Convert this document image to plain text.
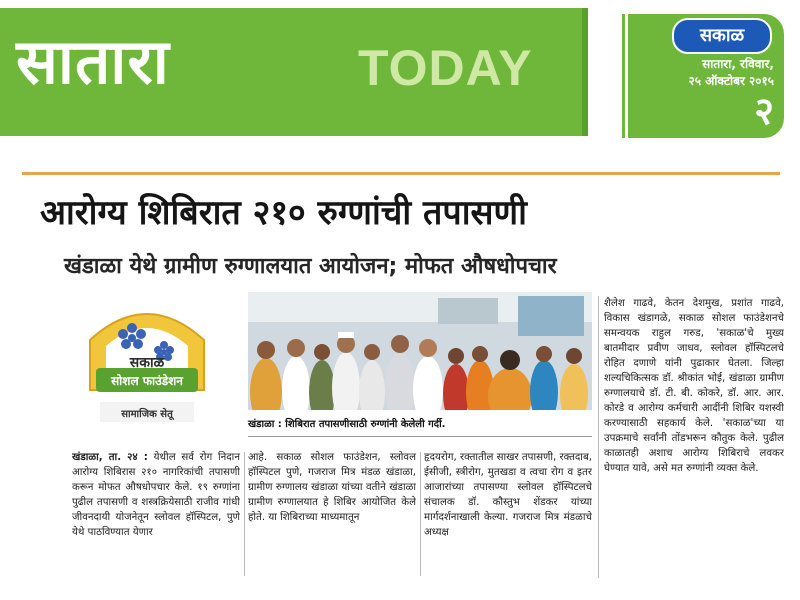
सातारा	TODAY
सकाळ
सातारा, रविवार,
२५ ऑक्टोबर २०१५
२
आरोग्य शिबिरात २१० रुग्णांची तपासणी
खंडाळा येथे ग्रामीण रुग्णालयात आयोजन; मोफत औषधोपचार
सकाळ
सोशल फाउंडेशन
सामाजिक सेतू
खंडाळा : शिबिरात तपासणीसाठी रुग्णांनी केलेली गर्दी.

शैलेश गाढवे, केतन देशमुख, प्रशांत गाढवे, विकास खंडागळे, सकाळ सोशल फाउंडेशनचे समन्वयक राहुल गरुड, 'सकाळ'चे मुख्य बातमीदार प्रवीण जाधव, स्लोवल हॉस्पिटलचे रोहित दणाणे यांनी पुढाकार घेतला. जिल्हा शल्यचिकित्सक डॉ. श्रीकांत भोई, खंडाळा ग्रामीण रुग्णालयाचे डॉ. टी. बी. कोकरे, डॉ. आर. आर. कोरडे व आरोग्य कर्मचारी आदींनी शिबिर यशस्वी करण्यासाठी सहकार्य केले. 'सकाळ'च्या या उपक्रमाचे सर्वांनी तोंडभरून कौतुक केले. पुढील काळातही अशाच आरोग्य शिबिराचे लवकर घेण्यात यावे, असे मत रुग्णांनी व्यक्त केले.

खंडाळा, ता. २४ : येथील सर्व रोग निदान आरोग्य शिबिरास २१० नागरिकांची तपासणी करून मोफत औषधोपचार केले. १९ रुग्णांना पुढील तपासणी व शस्त्रक्रियेसाठी राजीव गांधी जीवनदायी योजनेतून स्लोवल हॉस्पिटल, पुणे येथे पाठविण्यात येणार

आहे. सकाळ सोशल फाउंडेशन, स्लोवल हॉस्पिटल पुणे, गजराज मित्र मंडळ खंडाळा, ग्रामीण रुग्णालय खंडाळा यांच्या वतीने खंडाळा ग्रामीण रुग्णालयात हे शिबिर आयोजित केले होते. या शिबिराच्या माध्यमातून

हृदयरोग, रक्तातील साखर तपासणी, रक्तदाब, ईसीजी, स्त्रीरोग, मुतखडा व त्वचा रोग व इतर आजारांच्या तपासण्या स्लोवल हॉस्पिटलचे संचालक डॉ. कौस्तुभ शेंडकर यांच्या मार्गदर्शनाखाली केल्या. गजराज मित्र मंडळाचे अध्यक्ष
